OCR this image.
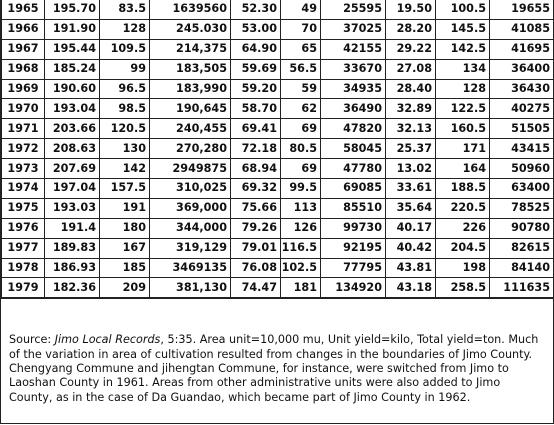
1965	195.70	83.5	1639560	52.30	49	25595	19.50	100.5	19655
1966	191.90	128	245.030	53.00	70	37025	28.20	145.5	41085
1967	195.44	109.5	214,375	64.90	65	42155	29.22	142.5	41695
1968	185.24	99	183,505	59.69	56.5	33670	27.08	134	36400
1969	190.60	96.5	183,990	59.20	59	34935	28.40	128	36430
1970	193.04	98.5	190,645	58.70	62	36490	32.89	122.5	40275
1971	203.66	120.5	240,455	69.41	69	47820	32.13	160.5	51505
1972	208.63	130	270,280	72.18	80.5	58045	25.37	171	43415
1973	207.69	142	2949875	68.94	69	47780	13.02	164	50960
1974	197.04	157.5	310,025	69.32	99.5	69085	33.61	188.5	63400
1975	193.03	191	369,000	75.66	113	85510	35.64	220.5	78525
1976	191.4	180	344,000	79.26	126	99730	40.17	226	90780
1977	189.83	167	319,129	79.01	116.5	92195	40.42	204.5	82615
1978	186.93	185	3469135	76.08	102.5	77795	43.81	198	84140
1979	182.36	209	381,130	74.47	181	134920	43.18	258.5	111635

Source: Jimo Local Records, 5:35. Area unit=10,000 mu, Unit yield=kilo, Total yield=ton. Much of the variation in area of cultivation resulted from changes in the boundaries of Jimo County. Chengyang Commune and jihengtan Commune, for instance, were switched from Jimo to Laoshan County in 1961. Areas from other administrative units were also added to Jimo County, as in the case of Da Guandao, which became part of Jimo County in 1962.
